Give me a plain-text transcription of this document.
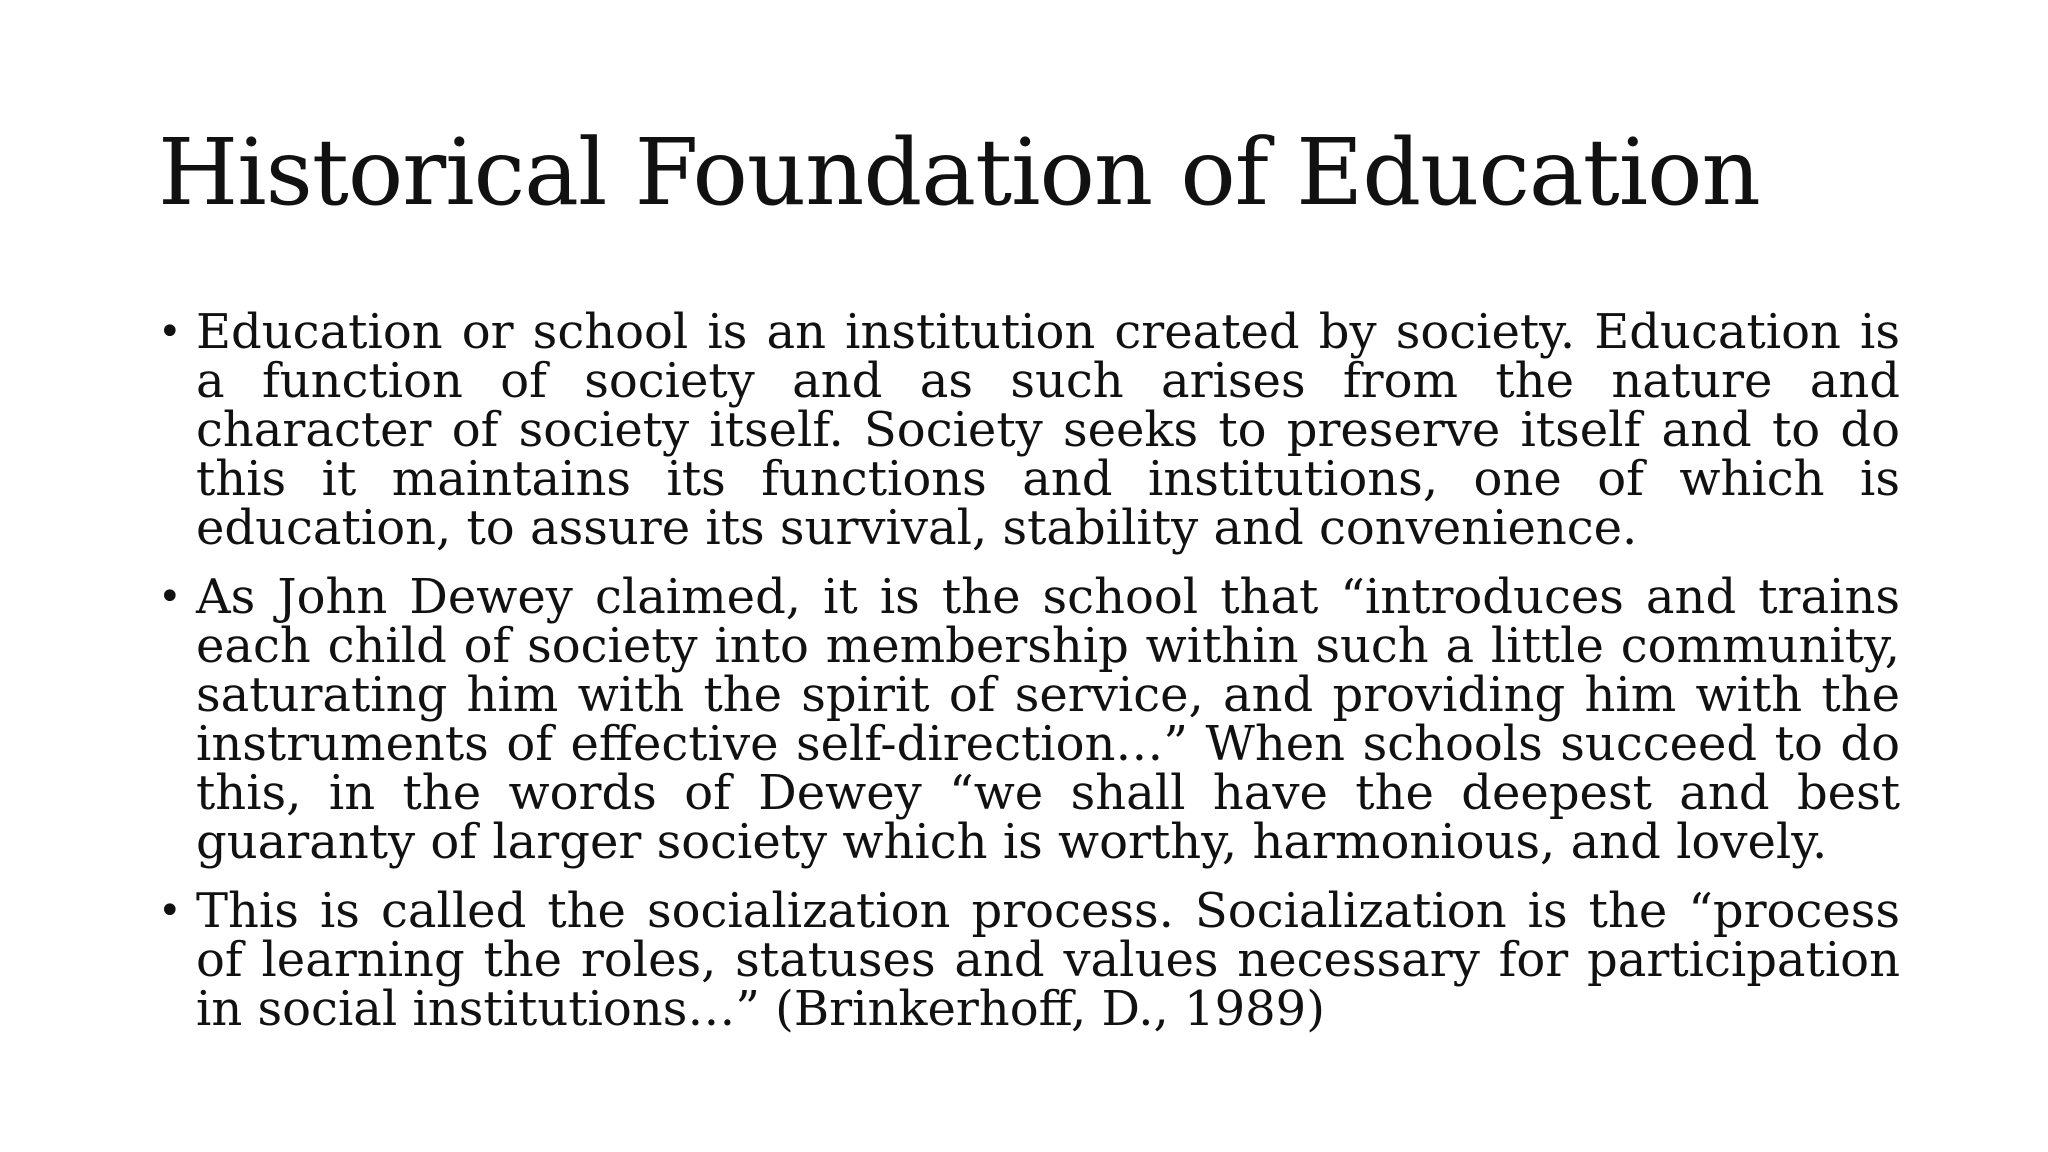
Historical Foundation of Education
• Education or school is an institution created by society. Education is a function of society and as such arises from the nature and character of society itself. Society seeks to preserve itself and to do this it maintains its functions and institutions, one of which is education, to assure its survival, stability and convenience.
• As John Dewey claimed, it is the school that “introduces and trains each child of society into membership within such a little community, saturating him with the spirit of service, and providing him with the instruments of effective self-direction…” When schools succeed to do this, in the words of Dewey “we shall have the deepest and best guaranty of larger society which is worthy, harmonious, and lovely.
• This is called the socialization process. Socialization is the “process of learning the roles, statuses and values necessary for participation in social institutions…” (Brinkerhoff, D., 1989)
